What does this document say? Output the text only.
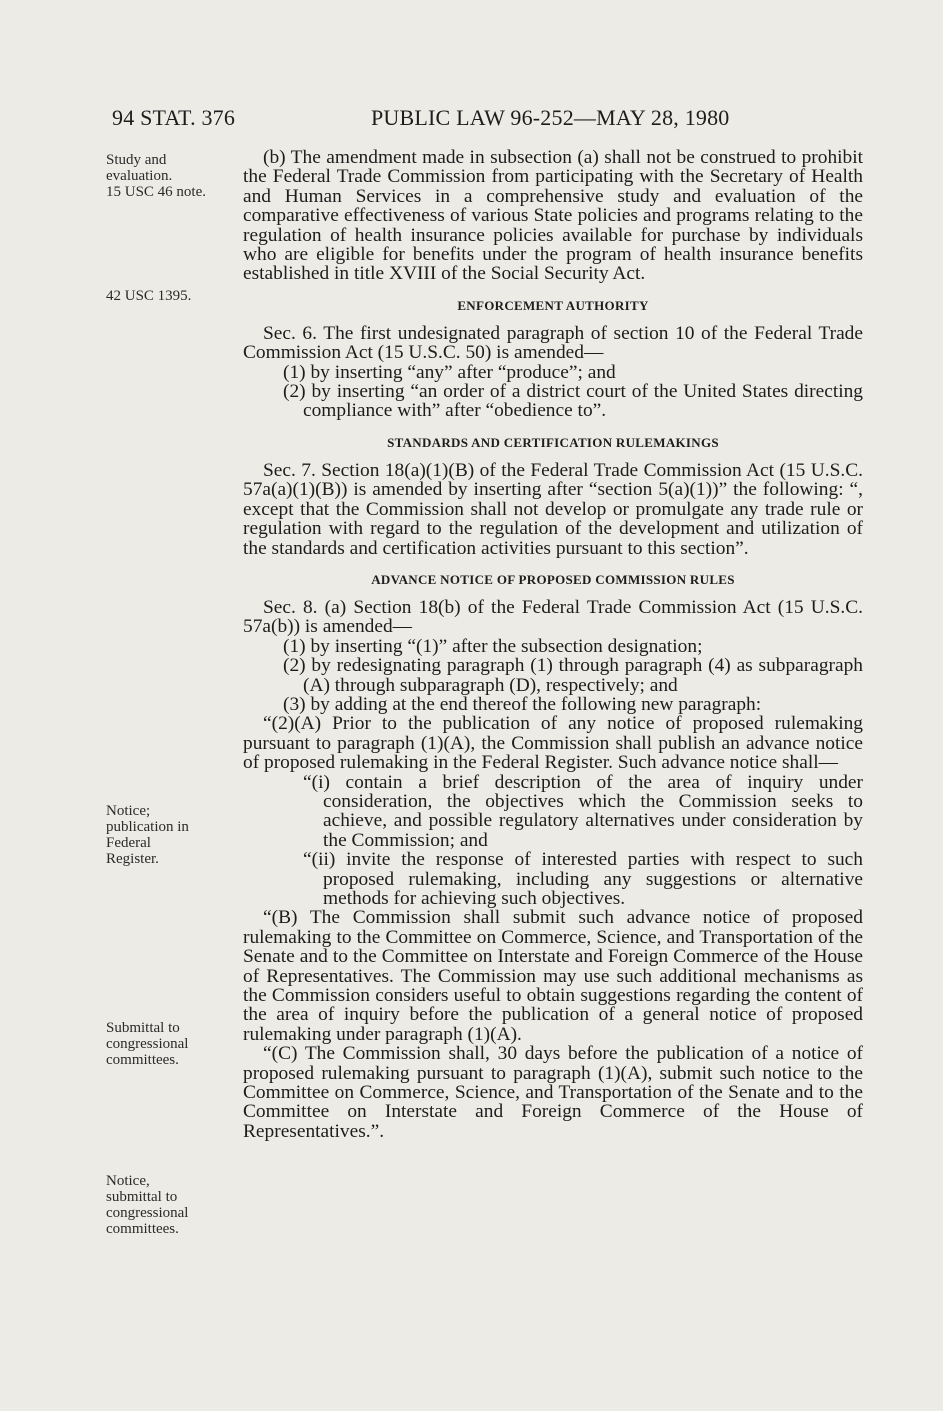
94 STAT. 376	PUBLIC LAW 96-252—MAY 28, 1980
Study and
evaluation.
15 USC 46 note.
42 USC 1395.
Notice;
publication in
Federal
Register.
Submittal to
congressional
committees.
Notice,
submittal to
congressional
committees.

(b) The amendment made in subsection (a) shall not be construed to prohibit the Federal Trade Commission from participating with the Secretary of Health and Human Services in a comprehensive study and evaluation of the comparative effectiveness of various State policies and programs relating to the regulation of health insurance policies available for purchase by individuals who are eligible for benefits under the program of health insurance benefits established in title XVIII of the Social Security Act.

ENFORCEMENT AUTHORITY

Sec. 6. The first undesignated paragraph of section 10 of the Federal Trade Commission Act (15 U.S.C. 50) is amended—

(1) by inserting “any” after “produce”; and

(2) by inserting “an order of a district court of the United States directing compliance with” after “obedience to”.

STANDARDS AND CERTIFICATION RULEMAKINGS

Sec. 7. Section 18(a)(1)(B) of the Federal Trade Commission Act (15 U.S.C. 57a(a)(1)(B)) is amended by inserting after “section 5(a)(1))” the following: “, except that the Commission shall not develop or promulgate any trade rule or regulation with regard to the regulation of the development and utilization of the standards and certification activities pursuant to this section”.

ADVANCE NOTICE OF PROPOSED COMMISSION RULES

Sec. 8. (a) Section 18(b) of the Federal Trade Commission Act (15 U.S.C. 57a(b)) is amended—

(1) by inserting “(1)” after the subsection designation;

(2) by redesignating paragraph (1) through paragraph (4) as subparagraph (A) through subparagraph (D), respectively; and

(3) by adding at the end thereof the following new paragraph:

“(2)(A) Prior to the publication of any notice of proposed rulemaking pursuant to paragraph (1)(A), the Commission shall publish an advance notice of proposed rulemaking in the Federal Register. Such advance notice shall—

“(i) contain a brief description of the area of inquiry under consideration, the objectives which the Commission seeks to achieve, and possible regulatory alternatives under consideration by the Commission; and

“(ii) invite the response of interested parties with respect to such proposed rulemaking, including any suggestions or alternative methods for achieving such objectives.

“(B) The Commission shall submit such advance notice of proposed rulemaking to the Committee on Commerce, Science, and Transportation of the Senate and to the Committee on Interstate and Foreign Commerce of the House of Representatives. The Commission may use such additional mechanisms as the Commission considers useful to obtain suggestions regarding the content of the area of inquiry before the publication of a general notice of proposed rulemaking under paragraph (1)(A).

“(C) The Commission shall, 30 days before the publication of a notice of proposed rulemaking pursuant to paragraph (1)(A), submit such notice to the Committee on Commerce, Science, and Transportation of the Senate and to the Committee on Interstate and Foreign Commerce of the House of Representatives.”.
